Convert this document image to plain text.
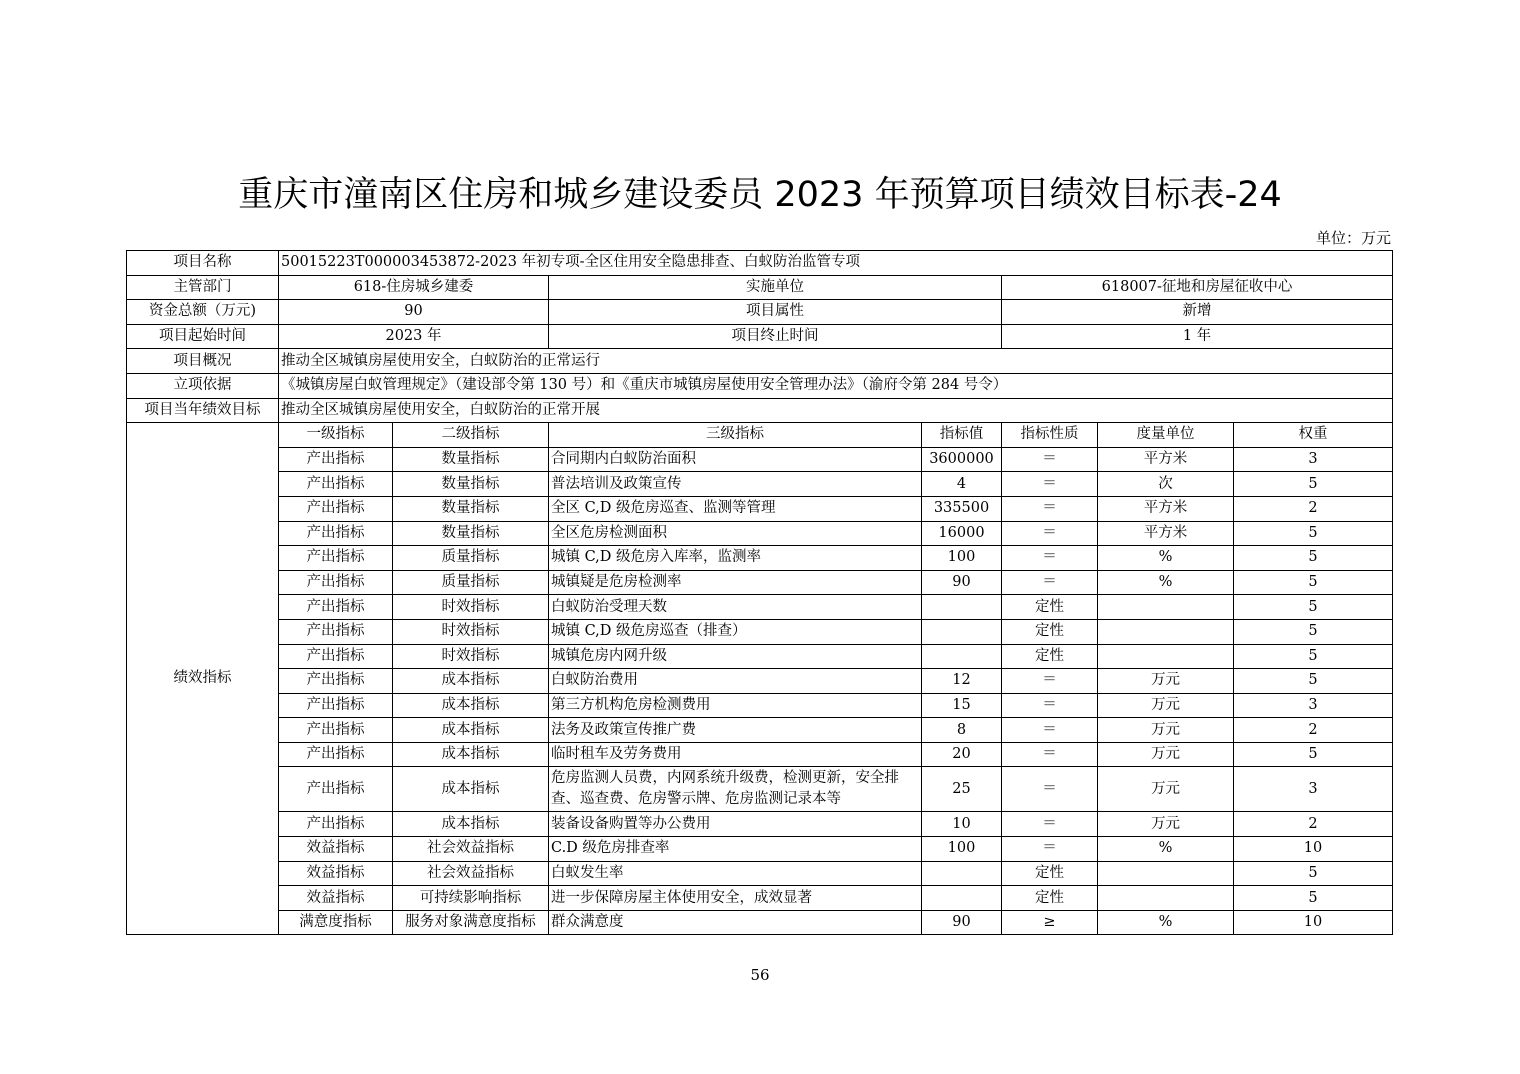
重庆市潼南区住房和城乡建设委员 2023 年预算项目绩效目标表-24
单位：万元
项目名称	50015223T000003453872-2023 年初专项-全区住用安全隐患排查、白蚁防治监管专项						
主管部门	618-住房城乡建委		实施单位		618007-征地和房屋征收中心		
资金总额（万元)	90		项目属性		新增		
项目起始时间	2023 年		项目终止时间		1 年		
项目概况	推动全区城镇房屋使用安全，白蚁防治的正常运行						
立项依据	《城镇房屋白蚁管理规定》（建设部令第 130 号）和《重庆市城镇房屋使用安全管理办法》（渝府令第 284 号令）						
项目当年绩效目标	推动全区城镇房屋使用安全，白蚁防治的正常开展						
绩效指标	一级指标	二级指标	三级指标	指标值	指标性质	度量单位	权重
	产出指标	数量指标	合同期内白蚁防治面积	3600000	＝	平方米	3
	产出指标	数量指标	普法培训及政策宣传	4	＝	次	5
	产出指标	数量指标	全区 C,D 级危房巡查、监测等管理	335500	＝	平方米	2
	产出指标	数量指标	全区危房检测面积	16000	＝	平方米	5
	产出指标	质量指标	城镇 C,D 级危房入库率，监测率	100	＝	%	5
	产出指标	质量指标	城镇疑是危房检测率	90	＝	%	5
	产出指标	时效指标	白蚁防治受理天数		定性		5
	产出指标	时效指标	城镇 C,D 级危房巡查（排查）		定性		5
	产出指标	时效指标	城镇危房内网升级		定性		5
	产出指标	成本指标	白蚁防治费用	12	＝	万元	5
	产出指标	成本指标	第三方机构危房检测费用	15	＝	万元	3
	产出指标	成本指标	法务及政策宣传推广费	8	＝	万元	2
	产出指标	成本指标	临时租车及劳务费用	20	＝	万元	5
	产出指标	成本指标	危房监测人员费，内网系统升级费，检测更新，安全排查、巡查费、危房警示牌、危房监测记录本等	25	＝	万元	3
	产出指标	成本指标	装备设备购置等办公费用	10	＝	万元	2
	效益指标	社会效益指标	C.D 级危房排查率	100	＝	%	10
	效益指标	社会效益指标	白蚁发生率		定性		5
	效益指标	可持续影响指标	进一步保障房屋主体使用安全，成效显著		定性		5
	满意度指标	服务对象满意度指标	群众满意度	90	≥	%	10
56
